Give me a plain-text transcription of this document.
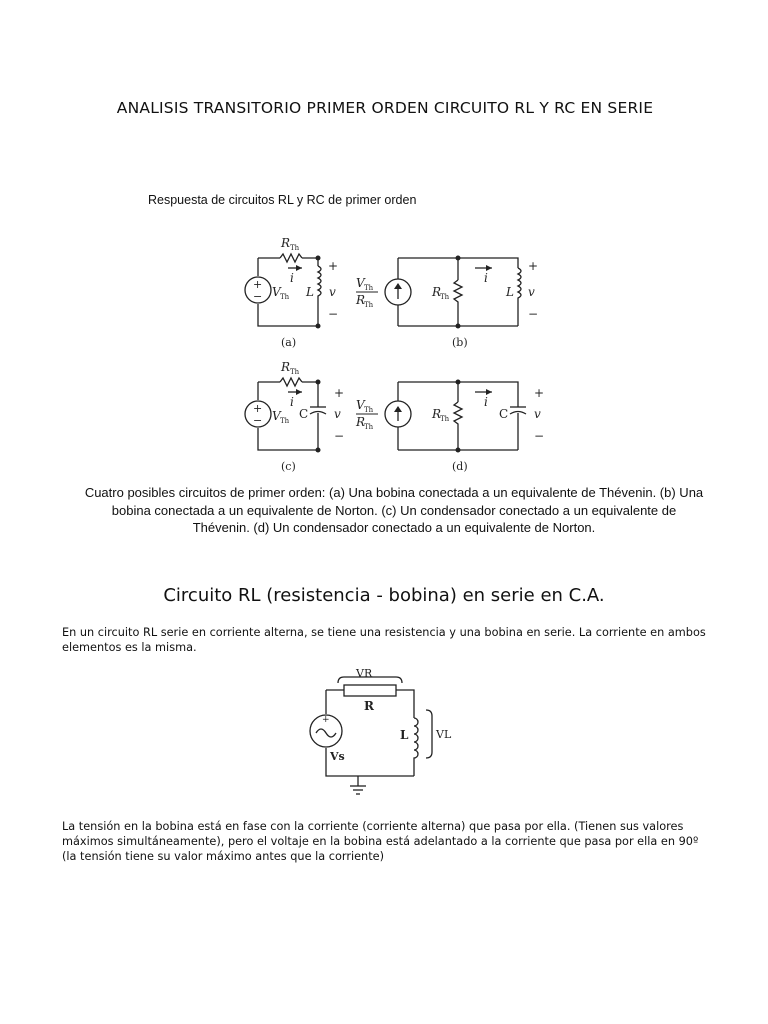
ANALISIS TRANSITORIO PRIMER ORDEN CIRCUITO RL Y RC EN SERIE
Respuesta de circuitos RL y RC de primer orden
R Th
i
V Th
+
−	L v
+
−
(a)
V Th
R
Th
R
Th
i
L v
+
−
(b)
R Th
i
V Th
+
−	C v
+
−
(c)
V Th
R
Th
R
Th
i
C v
+
−
(d)
Cuatro posibles circuitos de primer orden: (a) Una bobina conectada a un equivalente de Thévenin. (b) Una bobina conectada a un equivalente de Norton. (c) Un condensador conectado a un equivalente de Thévenin. (d) Un condensador conectado a un equivalente de Norton.
Circuito RL (resistencia - bobina) en serie en C.A.
En un circuito RL serie en corriente alterna, se tiene una resistencia y una bobina en serie. La corriente en ambos elementos es la misma.
VR
R
L	VL
Vs
+
La tensión en la bobina está en fase con la corriente (corriente alterna) que pasa por ella. (Tienen sus valores máximos simultáneamente), pero el voltaje en la bobina está adelantado a la corriente que pasa por ella en 90º (la tensión tiene su valor máximo antes que la corriente)
